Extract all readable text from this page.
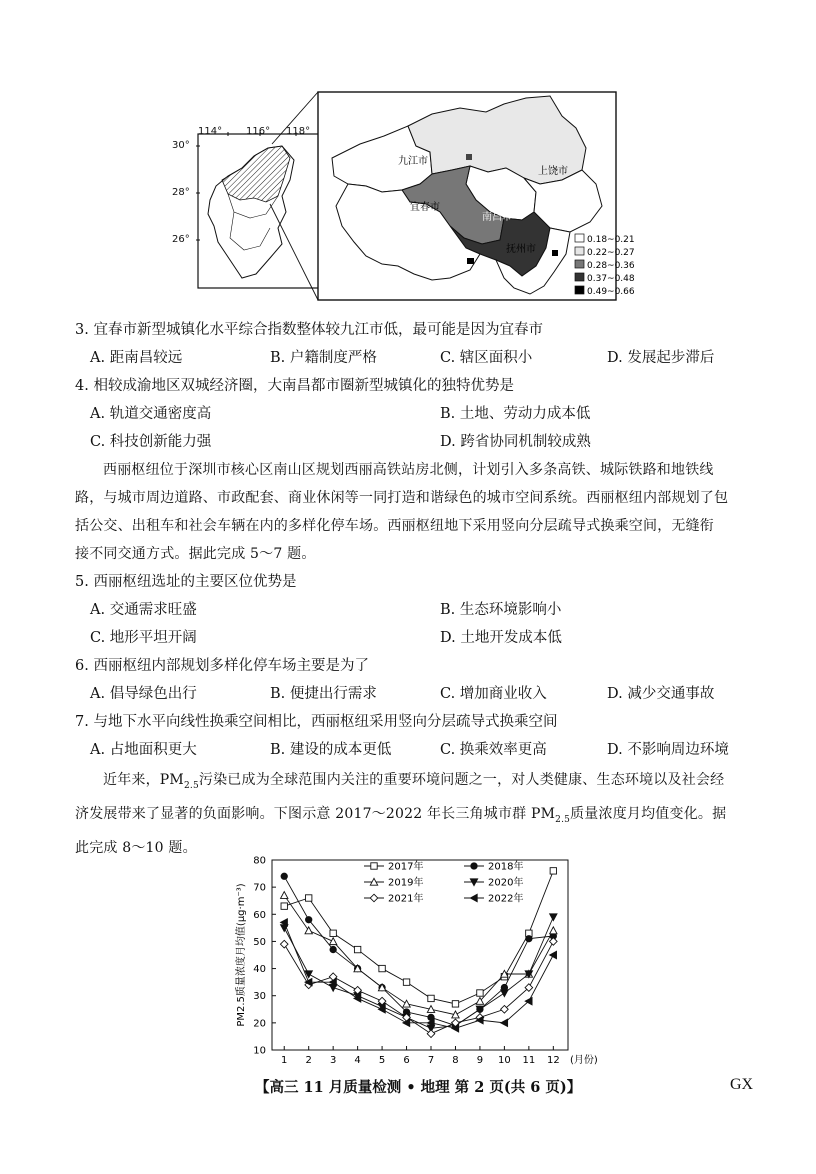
九江市
上饶市
宜春市
南昌市
抚州市
0.18~0.21
0.22~0.27
0.28~0.36
0.37~0.48
0.49~0.66
114° 116° 118°
30°
28°
26°
3. 宜春市新型城镇化水平综合指数整体较九江市低，最可能是因为宜春市
A. 距南昌较远	B. 户籍制度严格	C. 辖区面积小	D. 发展起步滞后
4. 相较成渝地区双城经济圈，大南昌都市圈新型城镇化的独特优势是
A. 轨道交通密度高	B. 土地、劳动力成本低
C. 科技创新能力强	D. 跨省协同机制较成熟
西丽枢纽位于深圳市核心区南山区规划西丽高铁站房北侧，计划引入多条高铁、城际铁路和地铁线
路，与城市周边道路、市政配套、商业休闲等一同打造和谐绿色的城市空间系统。西丽枢纽内部规划了包
括公交、出租车和社会车辆在内的多样化停车场。西丽枢纽地下采用竖向分层疏导式换乘空间，无缝衔
接不同交通方式。据此完成 5～7 题。
5. 西丽枢纽选址的主要区位优势是
A. 交通需求旺盛	B. 生态环境影响小
C. 地形平坦开阔	D. 土地开发成本低
6. 西丽枢纽内部规划多样化停车场主要是为了
A. 倡导绿色出行	B. 便捷出行需求	C. 增加商业收入	D. 减少交通事故
7. 与地下水平向线性换乘空间相比，西丽枢纽采用竖向分层疏导式换乘空间
A. 占地面积更大	B. 建设的成本更低	C. 换乘效率更高	D. 不影响周边环境
近年来，$PM_{2.5}$污染已成为全球范围内关注的重要环境问题之一，对人类健康、生态环境以及社会经
济发展带来了显著的负面影响。下图示意 2017～2022 年长三角城市群 $PM_{2.5}$质量浓度月均值变化。据
此完成 8～10 题。
10
20
30
40
50
60
70
80
1 2 3 4 5 6 7 8 9 10 11 12 (月份)
PM2.5质量浓度月均值(μg·m⁻³)
2017年	2018年
2019年	2020年
2021年	2022年
【高三 11 月质量检测 • 地理 第 2 页(共 6 页)】	GX
